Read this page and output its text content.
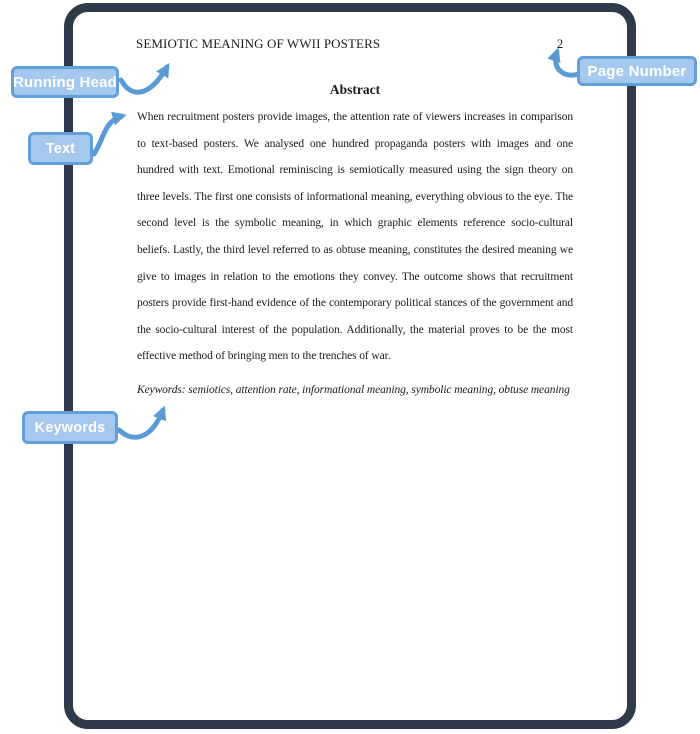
SEMIOTIC MEANING OF WWII POSTERS	2
Abstract
When recruitment posters provide images, the attention rate of viewers increases in comparison to text-based posters. We analysed one hundred propaganda posters with images and one hundred with text. Emotional reminiscing is semiotically measured using the sign theory on three levels. The first one consists of informational meaning, everything obvious to the eye. The second level is the symbolic meaning, in which graphic elements reference socio-cultural beliefs. Lastly, the third level referred to as obtuse meaning, constitutes the desired meaning we give to images in relation to the emotions they convey. The outcome shows that recruitment posters provide first-hand evidence of the contemporary political stances of the government and the socio-cultural interest of the population. Additionally, the material proves to be the most effective method of bringing men to the trenches of war.
Keywords: semiotics, attention rate, informational meaning, symbolic meaning, obtuse meaning
Running Head
Page Number
Text
Keywords
